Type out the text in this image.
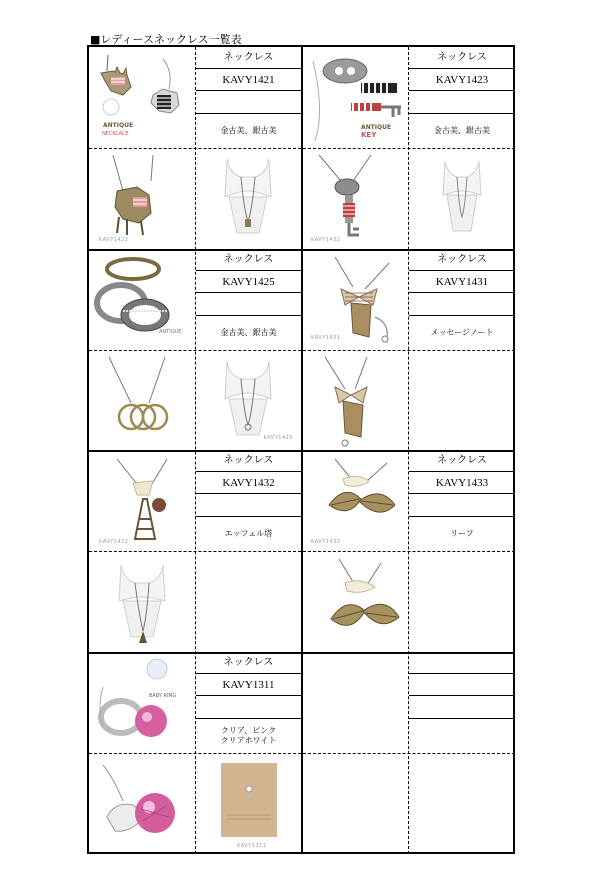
■レディースネックレス一覧表
ANTIQUE
NECKLACE
ネックレス
KAVY1421
金古美、銀古美
KAVY1422
ANTIQUE
KEY
ネックレス
KAVY1423
金古美、銀古美
KAVY1432
ANTIQUE
ネックレス
KAVY1425
金古美、銀古美
KAVY1425
KAVY1431
ネックレス
KAVY1431
メッセージノート
KAVY1432
ネックレス
KAVY1432
エッフェル塔
KAVY1433
ネックレス
KAVY1433
リーフ
BABY RING
ネックレス
KAVY1311
クリア、ピンク
クリアホワイト
KAVY1311
